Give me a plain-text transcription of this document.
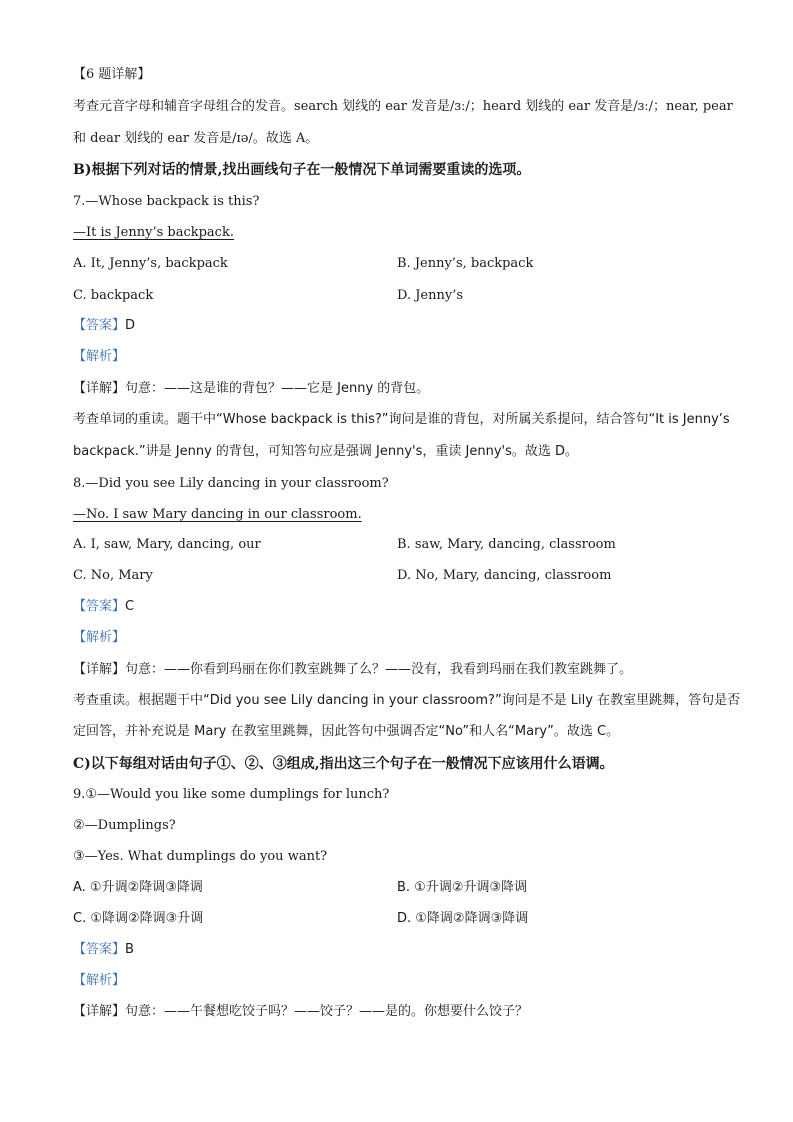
【6 题详解】
考查元音字母和辅音字母组合的发音。search 划线的 ear 发音是/ɜː/；heard 划线的 ear 发音是/ɜː/；near, pear
和 dear 划线的 ear 发音是/ɪə/。故选 A。
B)根据下列对话的情景,找出画线句子在一般情况下单词需要重读的选项。
7.—Whose backpack is this?
—It is Jenny’s backpack.
A. It, Jenny’s, backpack	B. Jenny’s, backpack
C. backpack	D. Jenny’s
【答案】D
【解析】
【详解】句意：——这是谁的背包？——它是 Jenny 的背包。
考查单词的重读。题干中“Whose backpack is this?”询问是谁的背包，对所属关系提问，结合答句“It is Jenny’s
backpack.”讲是 Jenny 的背包，可知答句应是强调 Jenny's，重读 Jenny's。故选 D。
8.—Did you see Lily dancing in your classroom?
—No. I saw Mary dancing in our classroom.
A. I, saw, Mary, dancing, our	B. saw, Mary, dancing, classroom
C. No, Mary	D. No, Mary, dancing, classroom
【答案】C
【解析】
【详解】句意：——你看到玛丽在你们教室跳舞了么？——没有，我看到玛丽在我们教室跳舞了。
考查重读。根据题干中“Did you see Lily dancing in your classroom?”询问是不是 Lily 在教室里跳舞，答句是否
定回答，并补充说是 Mary 在教室里跳舞，因此答句中强调否定“No”和人名“Mary”。故选 C。
C)以下每组对话由句子①、②、③组成,指出这三个句子在一般情况下应该用什么语调。
9.①—Would you like some dumplings for lunch?
②—Dumplings?
③—Yes. What dumplings do you want?
A. ①升调②降调③降调	B. ①升调②升调③降调
C. ①降调②降调③升调	D. ①降调②降调③降调
【答案】B
【解析】
【详解】句意：——午餐想吃饺子吗？——饺子？——是的。你想要什么饺子？
